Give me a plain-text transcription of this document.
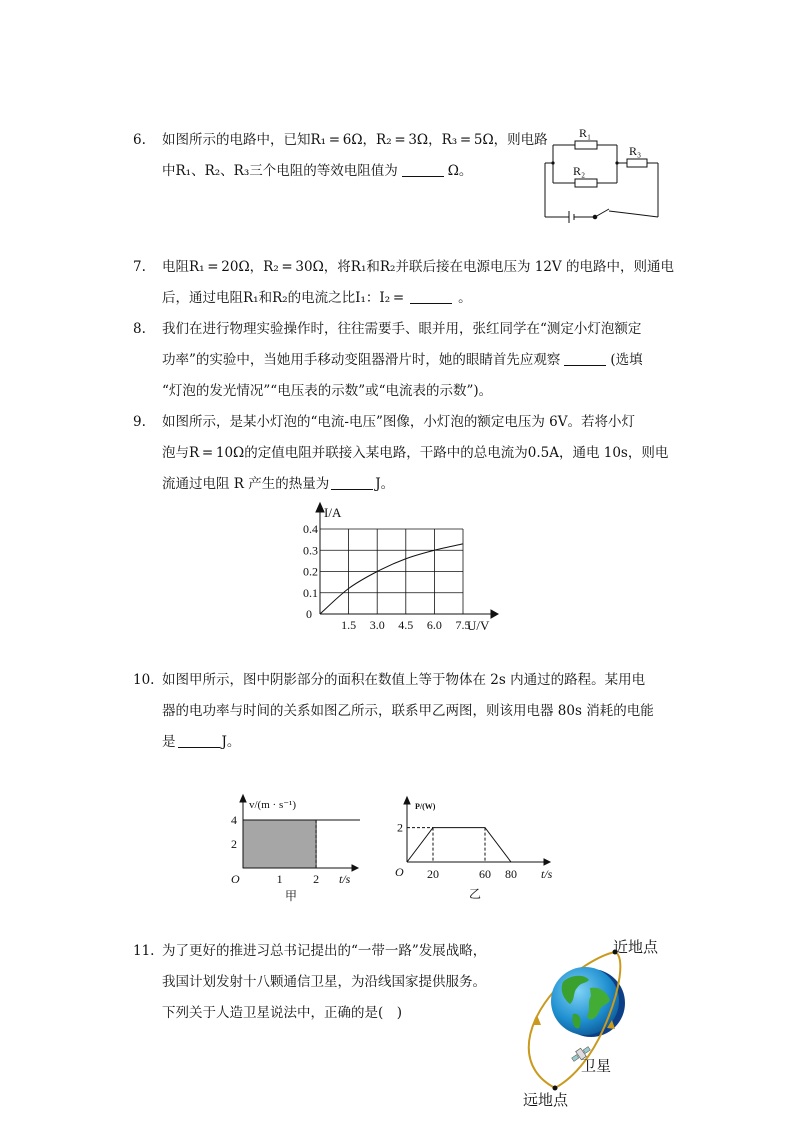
6. 如图所示的电路中，已知R₁ = 6Ω，R₂ = 3Ω，R₃ = 5Ω，则电路
中R₁、R₂、R₃三个电阻的等效电阻值为	Ω。
R₁
R₂
R₃
7. 电阻R₁ = 20Ω，R₂ = 30Ω，将R₁和R₂并联后接在电源电压为 12V 的电路中，则通电
后，通过电阻R₁和R₂的电流之比I₁：I₂ =	。
8. 我们在进行物理实验操作时，往往需要手、眼并用，张红同学在“测定小灯泡额定
功率”的实验中，当她用手移动变阻器滑片时，她的眼睛首先应观察	(选填
“灯泡的发光情况”“电压表的示数”或“电流表的示数”)。
9. 如图所示，是某小灯泡的“电流-电压”图像，小灯泡的额定电压为 6V。若将小灯
泡与R = 10Ω的定值电阻并联接入某电路，干路中的总电流为0.5A，通电 10s，则电
流通过电阻 R 产生的热量为	J。
1.5 3.0 4.5 6.0 7.5
0.1
0.2
0.3
0.4
0
I/A
U/V
10. 如图甲所示，图中阴影部分的面积在数值上等于物体在 2s 内通过的路程。某用电
器的电功率与时间的关系如图乙所示，联系甲乙两图，则该用电器 80s 消耗的电能
是	J。
1	2
2
4
O
v/(m · s⁻¹)
t/s
甲
20	60 80
2
O
P/(W)
t/s
乙
11. 为了更好的推进习总书记提出的“一带一路”发展战略，
我国计划发射十八颗通信卫星，为沿线国家提供服务。
下列关于人造卫星说法中，正确的是( )
近地点
卫星
远地点
